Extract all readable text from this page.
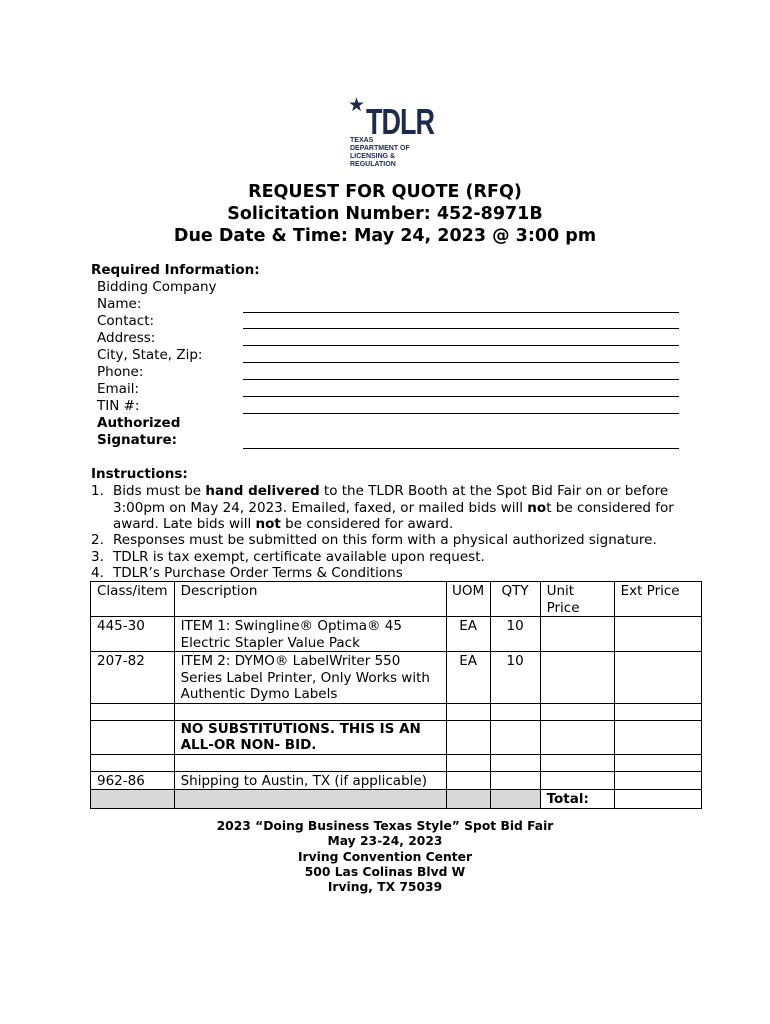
★ TDLR
TEXAS DEPARTMENT OF
LICENSING & REGULATION
REQUEST FOR QUOTE (RFQ)
Solicitation Number: 452-8971B
Due Date & Time: May 24, 2023 @ 3:00 pm
Required Information:
Bidding Company
Name:
Contact:
Address:
City, State, Zip:
Phone:
Email:
TIN #:
Authorized
Signature:
Instructions:
1. Bids must be hand delivered to the TLDR Booth at the Spot Bid Fair on or before 3:00pm on May 24, 2023. Emailed, faxed, or mailed bids will not be considered for award. Late bids will not be considered for award.
2. Responses must be submitted on this form with a physical authorized signature.
3. TDLR is tax exempt, certificate available upon request.
4. TDLR’s Purchase Order Terms & Conditions
Class/item	Description	UOM	QTY	Unit Price	Ext Price
445-30	ITEM 1: Swingline® Optima® 45 Electric Stapler Value Pack	EA	10		
207-82	ITEM 2: DYMO® LabelWriter 550 Series Label Printer, Only Works with Authentic Dymo Labels	EA	10		

	NO SUBSTITUTIONS. THIS IS AN ALL-OR NON- BID.				

962-86	Shipping to Austin, TX (if applicable)				
				Total:	
2023 “Doing Business Texas Style” Spot Bid Fair
May 23-24, 2023
Irving Convention Center
500 Las Colinas Blvd W
Irving, TX 75039
